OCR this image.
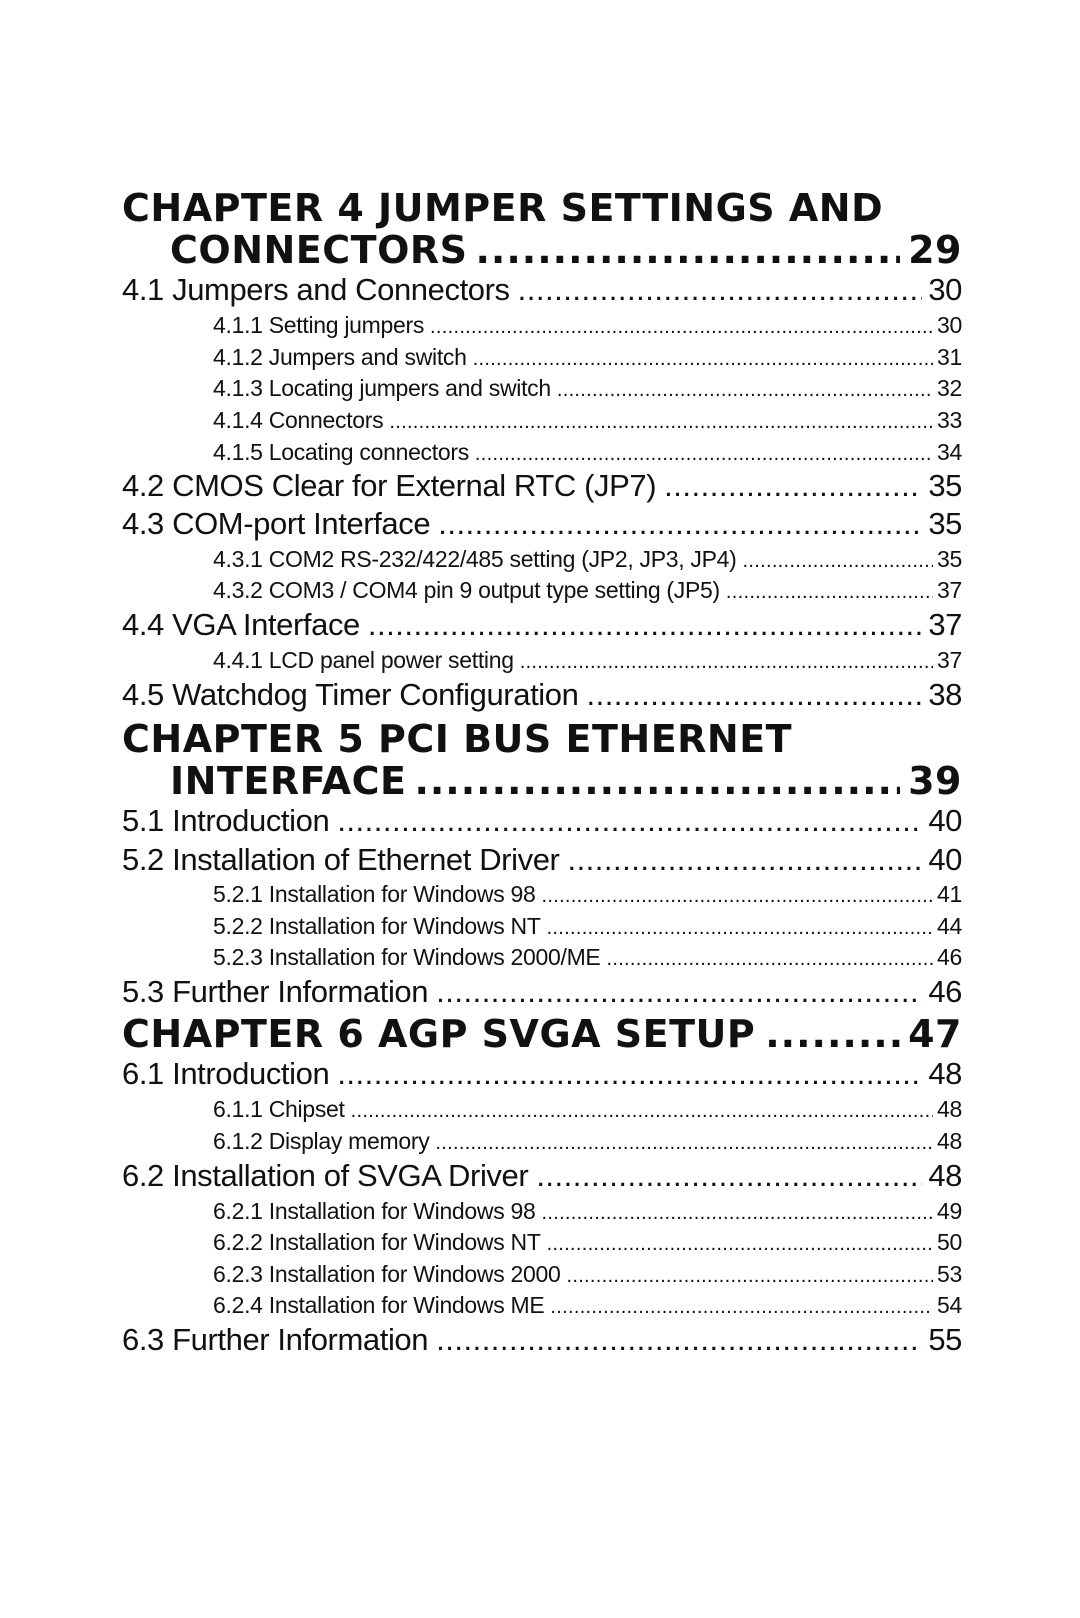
CHAPTER 4 JUMPER SETTINGS AND
CONNECTORS .....	29
4.1 Jumpers and Connectors .....	30
4.1.1 Setting jumpers .....	30
4.1.2 Jumpers and switch .....	31
4.1.3 Locating jumpers and switch .....	32
4.1.4 Connectors .....	33
4.1.5 Locating connectors .....	34
4.2 CMOS Clear for External RTC (JP7) .....	35
4.3 COM-port Interface .....	35
4.3.1 COM2 RS-232/422/485 setting (JP2, JP3, JP4) .....	35
4.3.2 COM3 / COM4 pin 9 output type setting (JP5) .....	37
4.4 VGA Interface .....	37
4.4.1 LCD panel power setting .....	37
4.5 Watchdog Timer Configuration .....	38
CHAPTER 5 PCI BUS ETHERNET
INTERFACE .....	39
5.1 Introduction .....	40
5.2 Installation of Ethernet Driver .....	40
5.2.1 Installation for Windows 98 .....	41
5.2.2 Installation for Windows NT .....	44
5.2.3 Installation for Windows 2000/ME .....	46
5.3 Further Information .....	46
CHAPTER 6 AGP SVGA SETUP .....	47
6.1 Introduction .....	48
6.1.1 Chipset .....	48
6.1.2 Display memory .....	48
6.2 Installation of SVGA Driver .....	48
6.2.1 Installation for Windows 98 .....	49
6.2.2 Installation for Windows NT .....	50
6.2.3 Installation for Windows 2000 .....	53
6.2.4 Installation for Windows ME .....	54
6.3 Further Information .....	55
